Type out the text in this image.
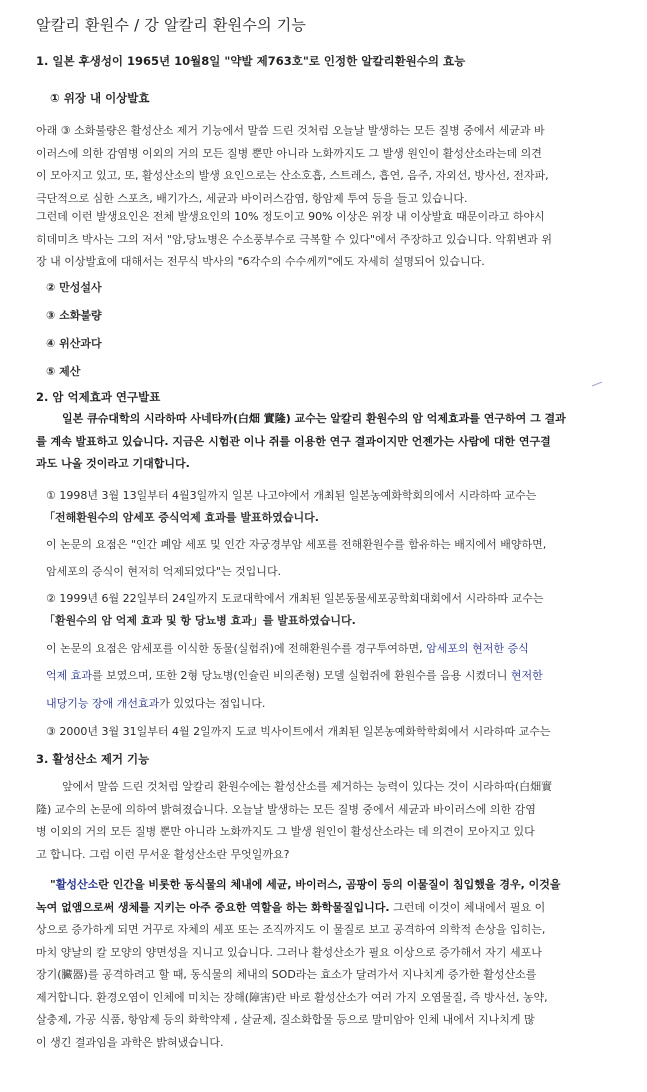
알칼리 환원수 / 강 알칼리 환원수의 기능
1. 일본 후생성이 1965년 10월8일 "약발 제763호"로 인정한 알칼리환원수의 효능
① 위장 내 이상발효
아래 ③ 소화불량은 활성산소 제거 기능에서 말씀 드린 것처럼 오늘날 발생하는 모든 질병 중에서 세균과 바
이러스에 의한 감염병 이외의 거의 모든 질병 뿐만 아니라 노화까지도 그 발생 원인이 활성산소라는데 의견
이 모아지고 있고, 또, 활성산소의 발생 요인으로는 산소호흡, 스트레스, 흡연, 음주, 자외선, 방사선, 전자파,
극단적으로 심한 스포츠, 배기가스, 세균과 바이러스감염, 항암제 투여 등을 들고 있습니다.
그런데 이런 발생요인은 전체 발생요인의 10% 정도이고 90% 이상은 위장 내 이상발효 때문이라고 하야시
히데미츠 박사는 그의 저서 "암,당뇨병은 수소풍부수로 극복할 수 있다"에서 주장하고 있습니다. 악휘변과 위
장 내 이상발효에 대해서는 전무식 박사의 "6각수의 수수께끼"에도 자세히 설명되어 있습니다.
② 만성설사
③ 소화불량
④ 위산과다
⑤ 제산
2. 암 억제효과 연구발표
일본 큐슈대학의 시라하따 사네타까(白畑 實隆) 교수는 알칼리 환원수의 암 억제효과를 연구하여 그 결과
를 계속 발표하고 있습니다. 지금은 시험관 이나 쥐를 이용한 연구 결과이지만 언젠가는 사람에 대한 연구결
과도 나올 것이라고 기대합니다.
① 1998년 3월 13일부터 4월3일까지 일본 나고야에서 개최된 일본농예화학회의에서 시라하따 교수는
「전해환원수의 암세포 증식억제 효과를 발표하였습니다.
이 논문의 요점은 "인간 폐암 세포 및 인간 자궁경부암 세포를 전해환원수를 함유하는 배지에서 배양하면,
암세포의 증식이 현저히 억제되었다"는 것입니다.
② 1999년 6월 22일부터 24일까지 도쿄대학에서 개최된 일본동물세포공학회대회에서 시라하따 교수는
「환원수의 암 억제 효과 및 항 당뇨병 효과」를 발표하였습니다.
이 논문의 요점은 암세포를 이식한 동물(실험쥐)에 전해환원수를 경구투여하면, 암세포의 현저한 증식
억제 효과를 보였으며, 또한 2형 당뇨병(인슐린 비의존형) 모델 실험쥐에 환원수를 음용 시켰더니 현저한
내당기능 장애 개선효과가 있었다는 점입니다.
③ 2000년 3월 31일부터 4월 2일까지 도쿄 빅사이트에서 개최된 일본농예화학학회에서 시라하따 교수는
3. 활성산소 제거 기능
앞에서 말씀 드린 것처럼 알칼리 환원수에는 활성산소를 제거하는 능력이 있다는 것이 시라하따(白畑實
隆) 교수의 논문에 의하여 밝혀졌습니다. 오늘날 발생하는 모든 질병 중에서 세균과 바이러스에 의한 감염
병 이외의 거의 모든 질병 뿐만 아니라 노화까지도 그 발생 원인이 활성산소라는 데 의견이 모아지고 있다
고 합니다. 그럼 이런 무서운 활성산소란 무엇일까요?
"활성산소란 인간을 비롯한 동식물의 체내에 세균, 바이러스, 곰팡이 등의 이물질이 침입했을 경우, 이것을
녹여 없앰으로써 생체를 지키는 아주 중요한 역할을 하는 화학물질입니다. 그런데 이것이 체내에서 필요 이
상으로 증가하게 되면 거꾸로 자체의 세포 또는 조직까지도 이 물질로 보고 공격하여 의학적 손상을 입히는,
마치 양날의 칼 모양의 양면성을 지니고 있습니다. 그러나 활성산소가 필요 이상으로 증가해서 자기 세포나
장기(臟器)를 공격하려고 할 때, 동식물의 체내의 SOD라는 효소가 달려가서 지나치게 증가한 활성산소를
제거합니다. 환경오염이 인체에 미치는 장해(障害)란 바로 활성산소가 여러 가지 오염물질, 즉 방사선, 농약,
살충제, 가공 식품, 항암제 등의 화학약제 , 살균제, 질소화합물 등으로 말미암아 인체 내에서 지나치게 많
이 생긴 결과임을 과학은 밝혀냈습니다.
